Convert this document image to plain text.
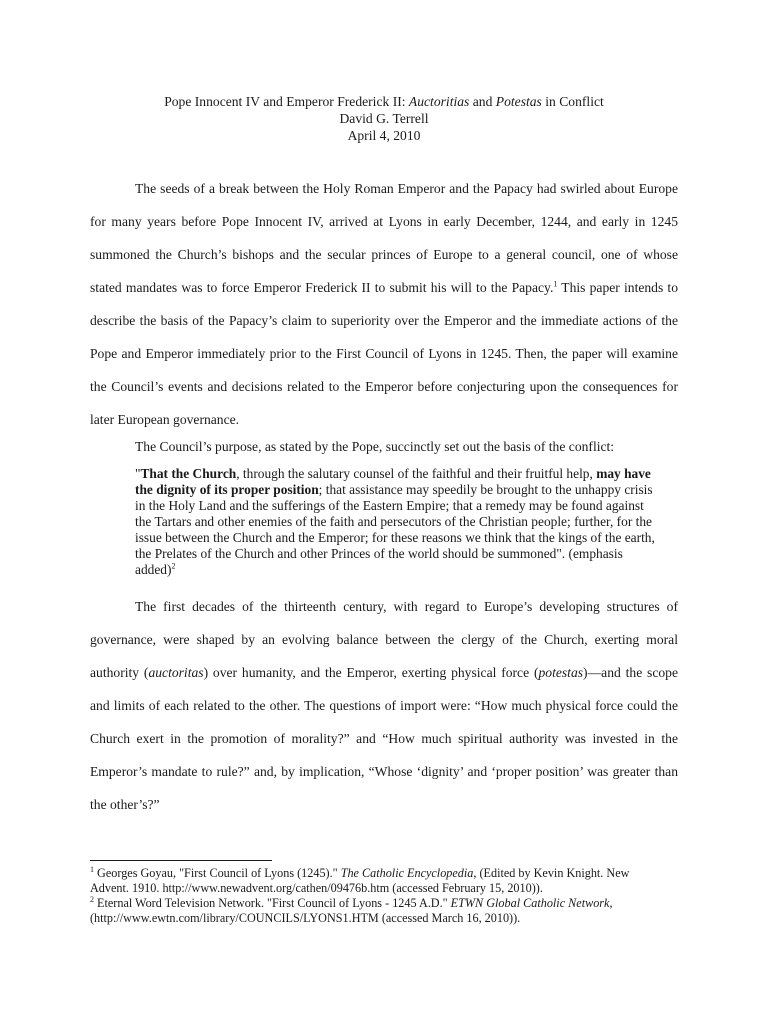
Pope Innocent IV and Emperor Frederick II: Auctoritias and Potestas in Conflict
David G. Terrell
April 4, 2010
The seeds of a break between the Holy Roman Emperor and the Papacy had swirled about Europe
for many years before Pope Innocent IV, arrived at Lyons in early December, 1244, and early in 1245
summoned the Church’s bishops and the secular princes of Europe to a general council, one of whose
stated mandates was to force Emperor Frederick II to submit his will to the Papacy.$^1$ This paper intends to
describe the basis of the Papacy’s claim to superiority over the Emperor and the immediate actions of the
Pope and Emperor immediately prior to the First Council of Lyons in 1245. Then, the paper will examine
the Council’s events and decisions related to the Emperor before conjecturing upon the consequences for
later European governance.
The Council’s purpose, as stated by the Pope, succinctly set out the basis of the conflict:
"That the Church, through the salutary counsel of the faithful and their fruitful help, may have
the dignity of its proper position; that assistance may speedily be brought to the unhappy crisis
in the Holy Land and the sufferings of the Eastern Empire; that a remedy may be found against
the Tartars and other enemies of the faith and persecutors of the Christian people; further, for the
issue between the Church and the Emperor; for these reasons we think that the kings of the earth,
the Prelates of the Church and other Princes of the world should be summoned". (emphasis
added)$^2$
The first decades of the thirteenth century, with regard to Europe’s developing structures of
governance, were shaped by an evolving balance between the clergy of the Church, exerting moral
authority (auctoritas) over humanity, and the Emperor, exerting physical force (potestas)—and the scope
and limits of each related to the other. The questions of import were: “How much physical force could the
Church exert in the promotion of morality?” and “How much spiritual authority was invested in the
Emperor’s mandate to rule?” and, by implication, “Whose ‘dignity’ and ‘proper position’ was greater than
the other’s?”
$^1$ Georges Goyau, "First Council of Lyons (1245)." The Catholic Encyclopedia, (Edited by Kevin Knight. New
Advent. 1910. http://www.newadvent.org/cathen/09476b.htm (accessed February 15, 2010)).
$^2$ Eternal Word Television Network. "First Council of Lyons - 1245 A.D." ETWN Global Catholic Network,
(http://www.ewtn.com/library/COUNCILS/LYONS1.HTM (accessed March 16, 2010)).
